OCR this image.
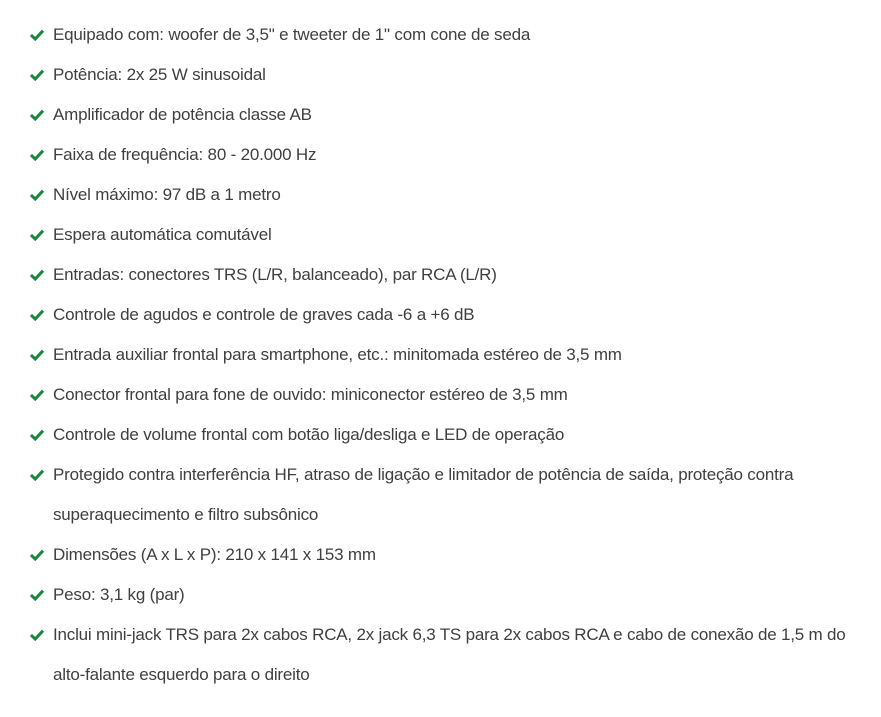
Equipado com: woofer de 3,5" e tweeter de 1" com cone de seda
Potência: 2x 25 W sinusoidal
Amplificador de potência classe AB
Faixa de frequência: 80 - 20.000 Hz
Nível máximo: 97 dB a 1 metro
Espera automática comutável
Entradas: conectores TRS (L/R, balanceado), par RCA (L/R)
Controle de agudos e controle de graves cada -6 a +6 dB
Entrada auxiliar frontal para smartphone, etc.: minitomada estéreo de 3,5 mm
Conector frontal para fone de ouvido: miniconector estéreo de 3,5 mm
Controle de volume frontal com botão liga/desliga e LED de operação
Protegido contra interferência HF, atraso de ligação e limitador de potência de saída, proteção contra superaquecimento e filtro subsônico
Dimensões (A x L x P): 210 x 141 x 153 mm
Peso: 3,1 kg (par)
Inclui mini-jack TRS para 2x cabos RCA, 2x jack 6,3 TS para 2x cabos RCA e cabo de conexão de 1,5 m do alto-falante esquerdo para o direito
